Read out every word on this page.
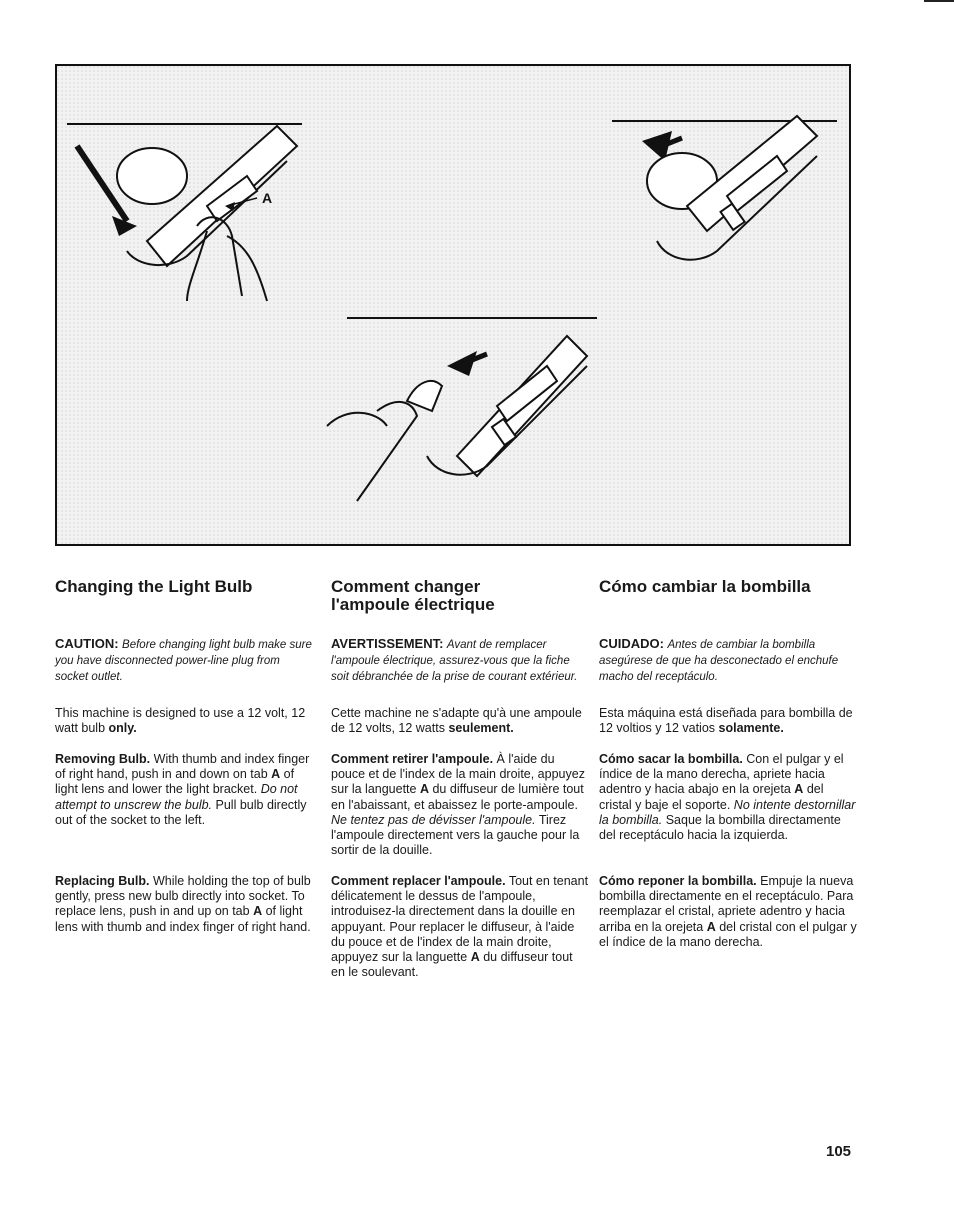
A
Changing the Light Bulb

CAUTION: Before changing light bulb make sure you have disconnected power-line plug from socket outlet.

This machine is designed to use a 12 volt, 12 watt bulb only.

Removing Bulb. With thumb and index finger of right hand, push in and down on tab A of light lens and lower the light bracket. Do not attempt to unscrew the bulb. Pull bulb directly out of the socket to the left.

Replacing Bulb. While holding the top of bulb gently, press new bulb directly into socket. To replace lens, push in and up on tab A of light lens with thumb and index finger of right hand.

Comment changer
l'ampoule électrique

AVERTISSEMENT: Avant de remplacer l'ampoule électrique, assurez-vous que la fiche soit débranchée de la prise de courant extérieur.

Cette machine ne s'adapte qu'à une ampoule de 12 volts, 12 watts seulement.

Comment retirer l'ampoule. À l'aide du pouce et de l'index de la main droite, appuyez sur la languette A du diffuseur de lumière tout en l'abaissant, et abaissez le porte-ampoule. Ne tentez pas de dévisser l'ampoule. Tirez l'ampoule directement vers la gauche pour la sortir de la douille.

Comment replacer l'ampoule. Tout en tenant délicatement le dessus de l'ampoule, introduisez-la directement dans la douille en appuyant. Pour replacer le diffuseur, à l'aide du pouce et de l'index de la main droite, appuyez sur la languette A du diffuseur tout en le soulevant.

Cómo cambiar la bombilla

CUIDADO: Antes de cambiar la bombilla asegúrese de que ha desconectado el enchufe macho del receptáculo.

Esta máquina está diseñada para bombilla de 12 voltios y 12 vatios solamente.

Cómo sacar la bombilla. Con el pulgar y el índice de la mano derecha, apriete hacia adentro y hacia abajo en la orejeta A del cristal y baje el soporte. No intente destornillar la bombilla. Saque la bombilla directamente del receptáculo hacia la izquierda.

Cómo reponer la bombilla. Empuje la nueva bombilla directamente en el receptáculo. Para reemplazar el cristal, apriete adentro y hacia arriba en la orejeta A del cristal con el pulgar y el índice de la mano derecha.

105
